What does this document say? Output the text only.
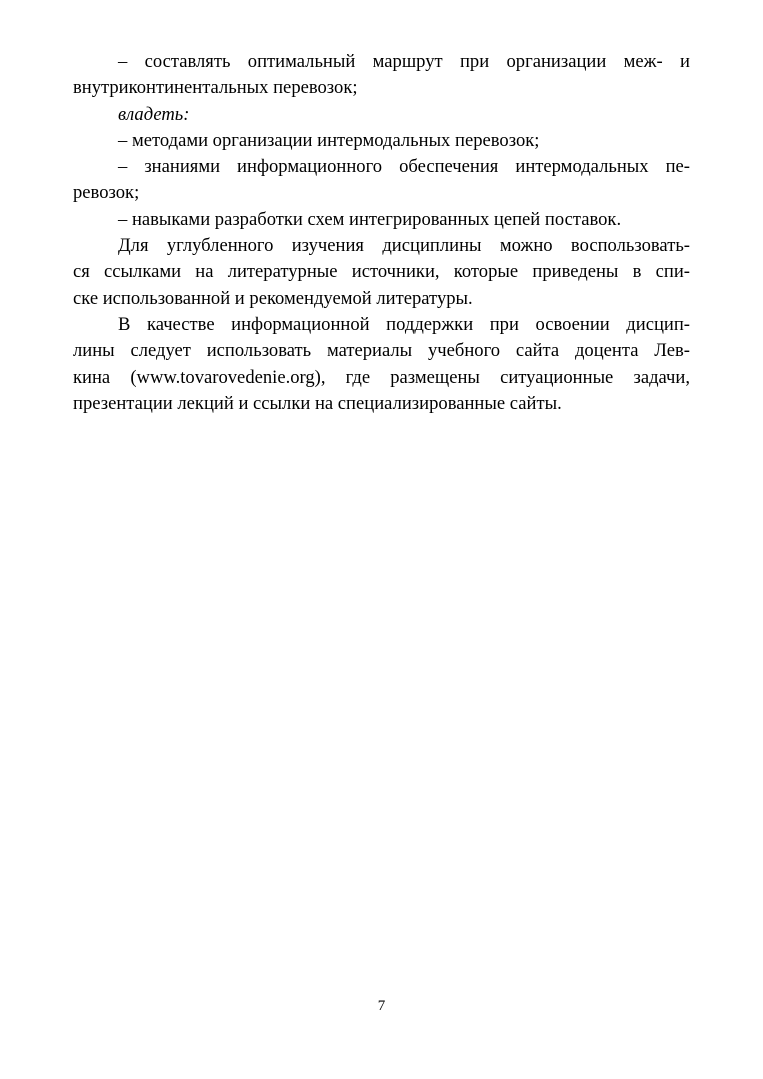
– составлять оптимальный маршрут при организации меж- и
внутриконтинентальных перевозок;
владеть:
– методами организации интермодальных перевозок;
– знаниями информационного обеспечения интермодальных пе-
ревозок;
– навыками разработки схем интегрированных цепей поставок.
Для углубленного изучения дисциплины можно воспользовать-
ся ссылками на литературные источники, которые приведены в спи-
ске использованной и рекомендуемой литературы.
В качестве информационной поддержки при освоении дисцип-
лины следует использовать материалы учебного сайта доцента Лев-
кина (www.tovarovedenie.org), где размещены ситуационные задачи,
презентации лекций и ссылки на специализированные сайты.
7
